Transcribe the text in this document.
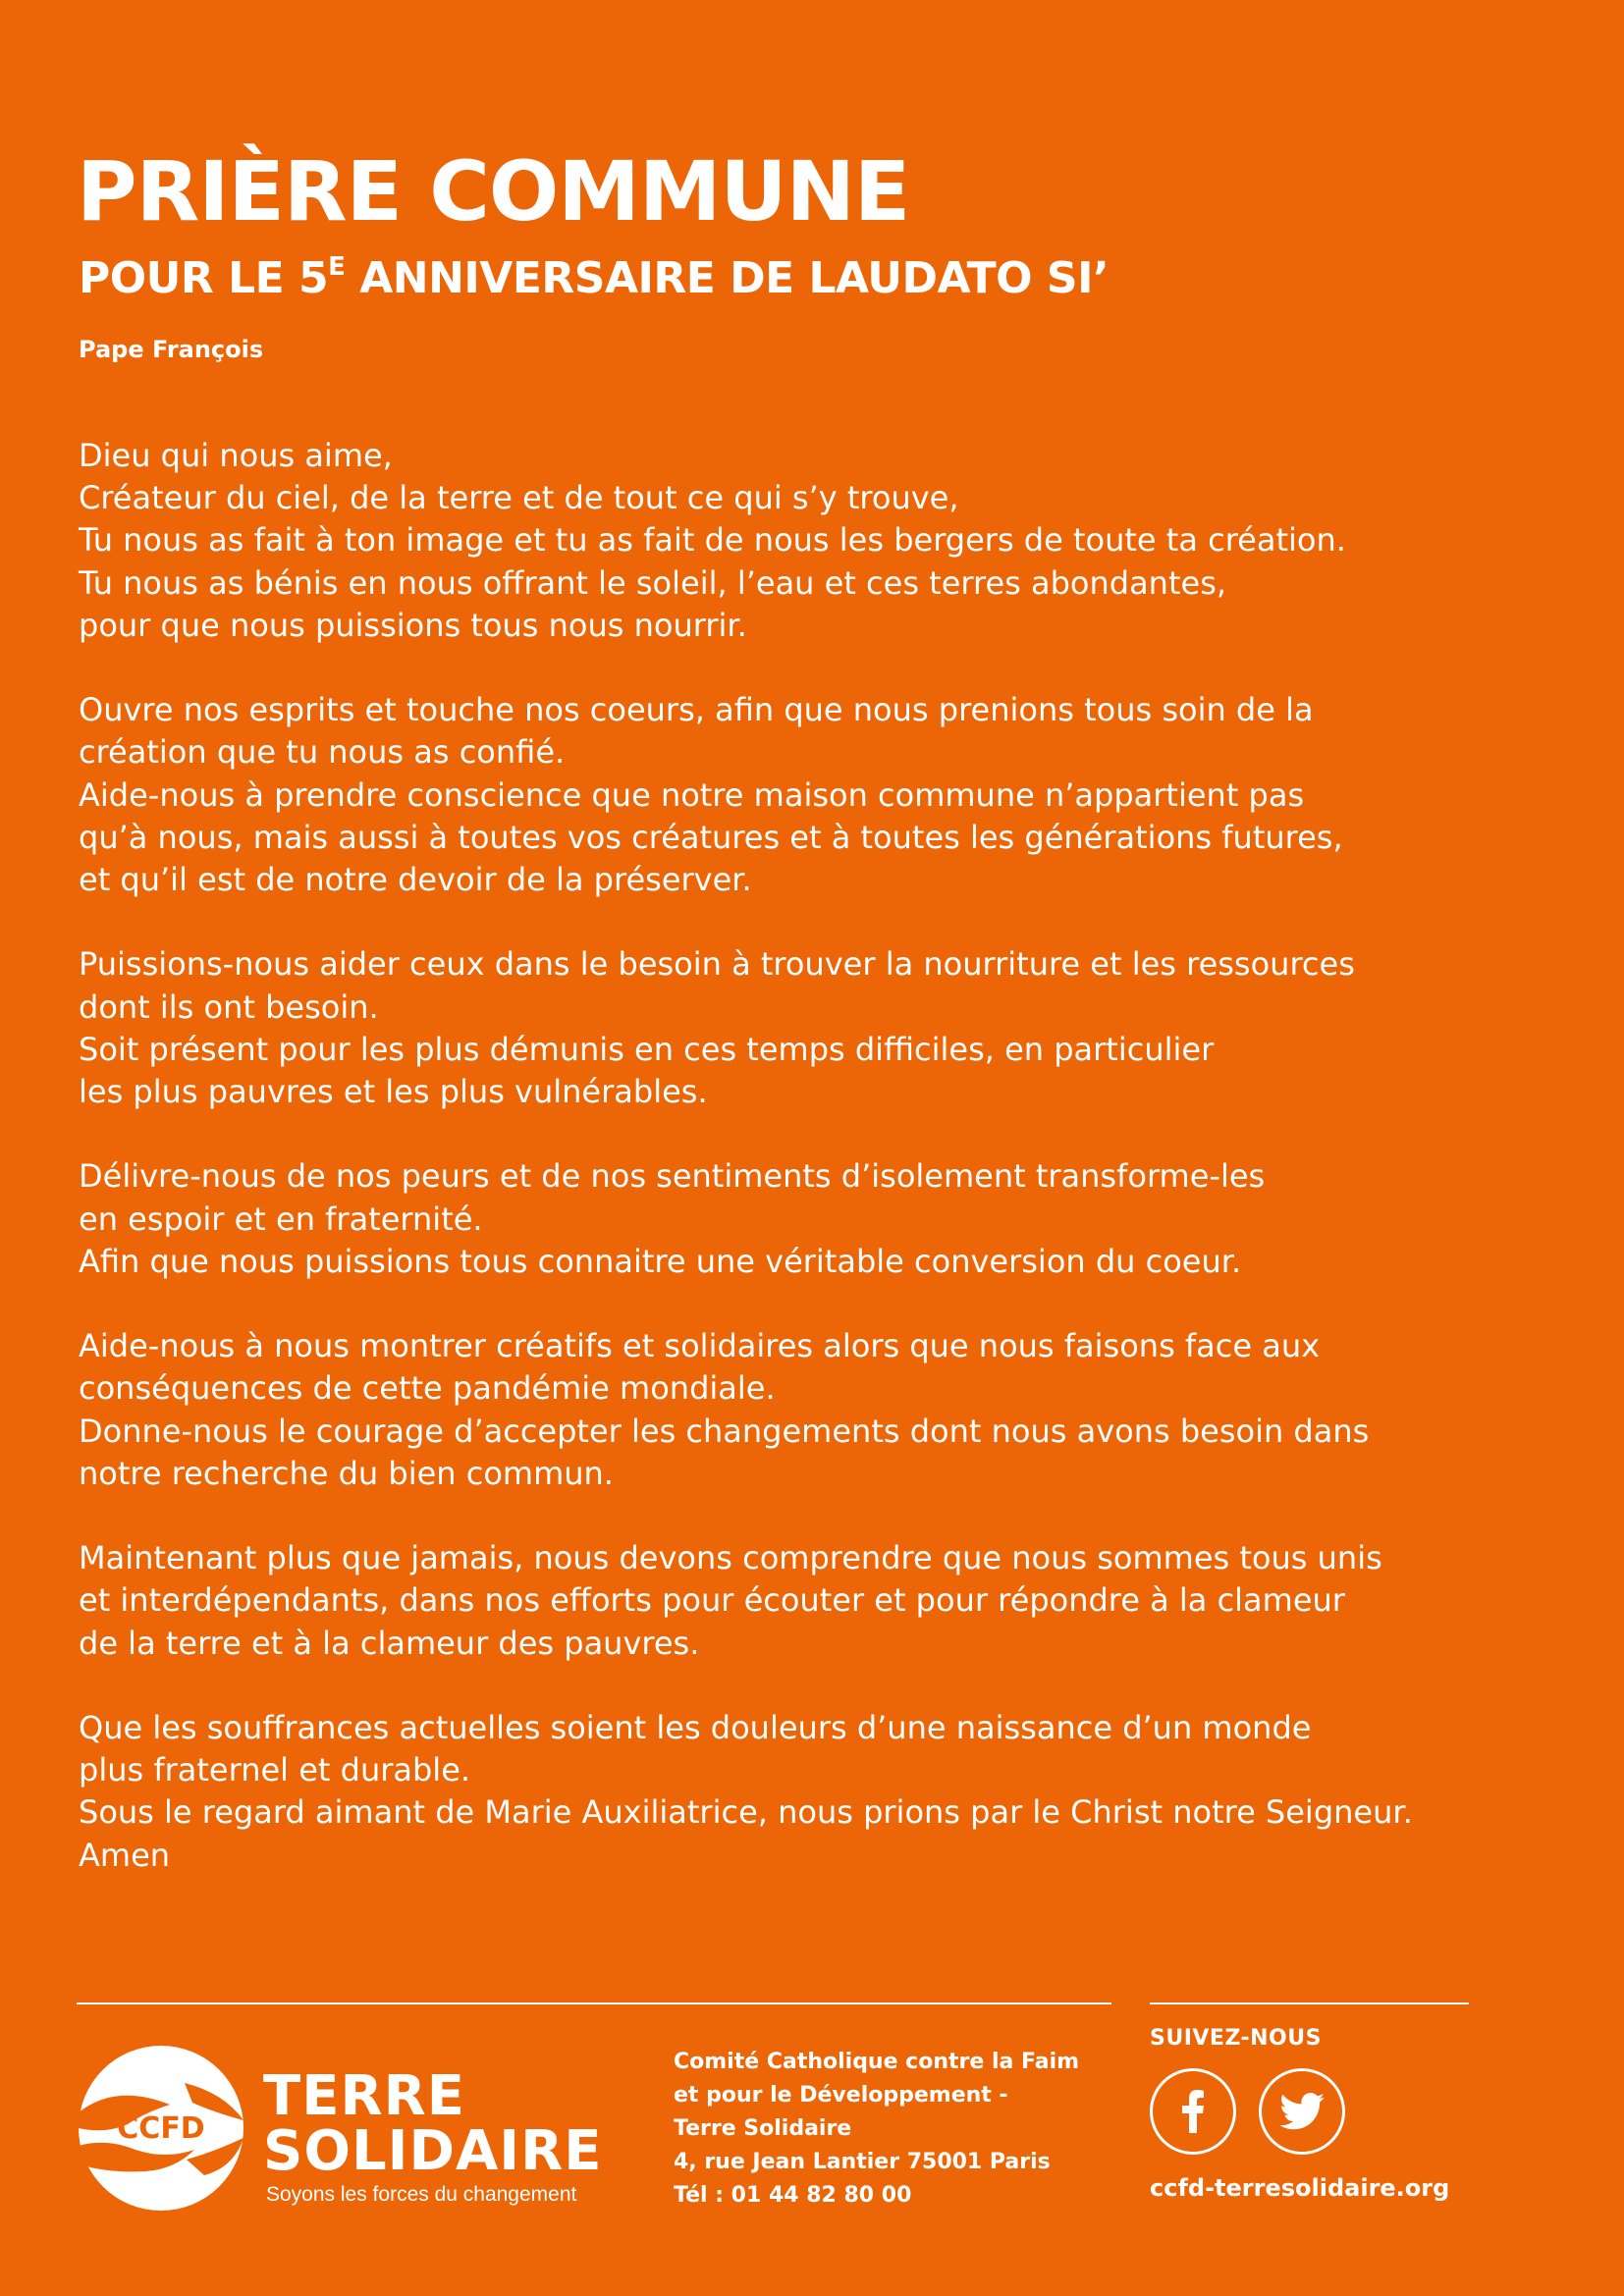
PRIÈRE COMMUNE
POUR LE $5^E$ ANNIVERSAIRE DE LAUDATO SI’
Pape François

Dieu qui nous aime,
Créateur du ciel, de la terre et de tout ce qui s’y trouve,
Tu nous as fait à ton image et tu as fait de nous les bergers de toute ta création.
Tu nous as bénis en nous offrant le soleil, l’eau et ces terres abondantes,
pour que nous puissions tous nous nourrir.

Ouvre nos esprits et touche nos coeurs, afin que nous prenions tous soin de la
création que tu nous as confié.
Aide-nous à prendre conscience que notre maison commune n’appartient pas
qu’à nous, mais aussi à toutes vos créatures et à toutes les générations futures,
et qu’il est de notre devoir de la préserver.

Puissions-nous aider ceux dans le besoin à trouver la nourriture et les ressources
dont ils ont besoin.
Soit présent pour les plus démunis en ces temps difficiles, en particulier
les plus pauvres et les plus vulnérables.

Délivre-nous de nos peurs et de nos sentiments d’isolement transforme-les
en espoir et en fraternité.
Afin que nous puissions tous connaitre une véritable conversion du coeur.

Aide-nous à nous montrer créatifs et solidaires alors que nous faisons face aux
conséquences de cette pandémie mondiale.
Donne-nous le courage d’accepter les changements dont nous avons besoin dans
notre recherche du bien commun.

Maintenant plus que jamais, nous devons comprendre que nous sommes tous unis
et interdépendants, dans nos efforts pour écouter et pour répondre à la clameur
de la terre et à la clameur des pauvres.

Que les souffrances actuelles soient les douleurs d’une naissance d’un monde
plus fraternel et durable.
Sous le regard aimant de Marie Auxiliatrice, nous prions par le Christ notre Seigneur.
Amen

CCFD
TERRE
SOLIDAIRE
Soyons les forces du changement
Comité Catholique contre la Faim
et pour le Développement -
Terre Solidaire
4, rue Jean Lantier 75001 Paris
Tél : 01 44 82 80 00
SUIVEZ-NOUS
ccfd-terresolidaire.org
